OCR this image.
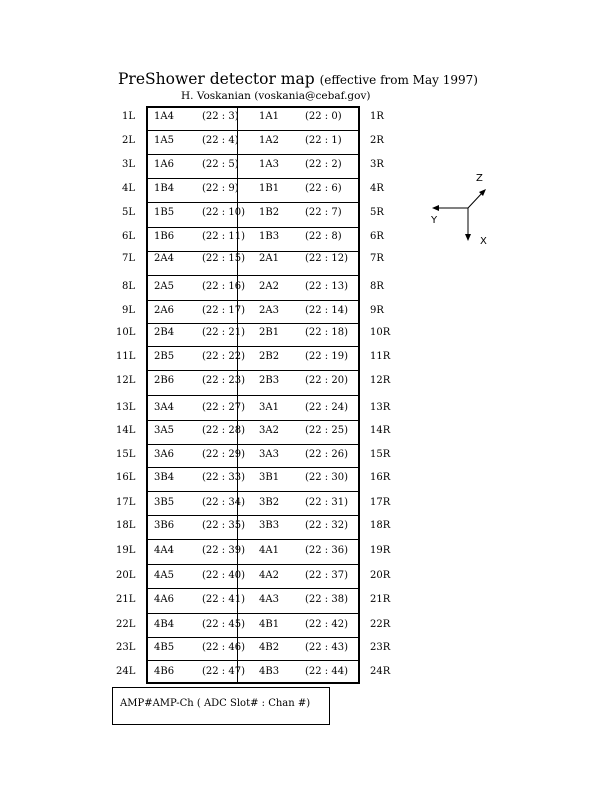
PreShower detector map (effective from May 1997)
H. Voskanian (voskania@cebaf.gov)
1L 1A4	(22 : 3) 1A1	(22 : 0)	1R
2L 1A5	(22 : 4) 1A2	(22 : 1)	2R
3L 1A6	(22 : 5) 1A3	(22 : 2)	3R
4L 1B4	(22 : 9) 1B1	(22 : 6)	4R
5L 1B5	(22 : 10) 1B2	(22 : 7)	5R
6L 1B6	(22 : 11) 1B3	(22 : 8)	6R
7L 2A4	(22 : 15) 2A1	(22 : 12) 7R
8L 2A5	(22 : 16) 2A2	(22 : 13) 8R
9L 2A6	(22 : 17) 2A3	(22 : 14) 9R
10L 2B4	(22 : 21) 2B1	(22 : 18) 10R
11L 2B5	(22 : 22) 2B2	(22 : 19) 11R
12L 2B6	(22 : 23) 2B3	(22 : 20) 12R
13L 3A4	(22 : 27) 3A1	(22 : 24) 13R
14L 3A5	(22 : 28) 3A2	(22 : 25) 14R
15L 3A6	(22 : 29) 3A3	(22 : 26) 15R
16L 3B4	(22 : 33) 3B1	(22 : 30) 16R
17L 3B5	(22 : 34) 3B2	(22 : 31) 17R
18L 3B6	(22 : 35) 3B3	(22 : 32) 18R
19L 4A4	(22 : 39) 4A1	(22 : 36) 19R
20L 4A5	(22 : 40) 4A2	(22 : 37) 20R
21L 4A6	(22 : 41) 4A3	(22 : 38) 21R
22L 4B4	(22 : 45) 4B1	(22 : 42) 22R
23L 4B5	(22 : 46) 4B2	(22 : 43) 23R
24L 4B6	(22 : 47) 4B3	(22 : 44) 24R
AMP#AMP-Ch ( ADC Slot# : Chan #)
Z
Y
X
